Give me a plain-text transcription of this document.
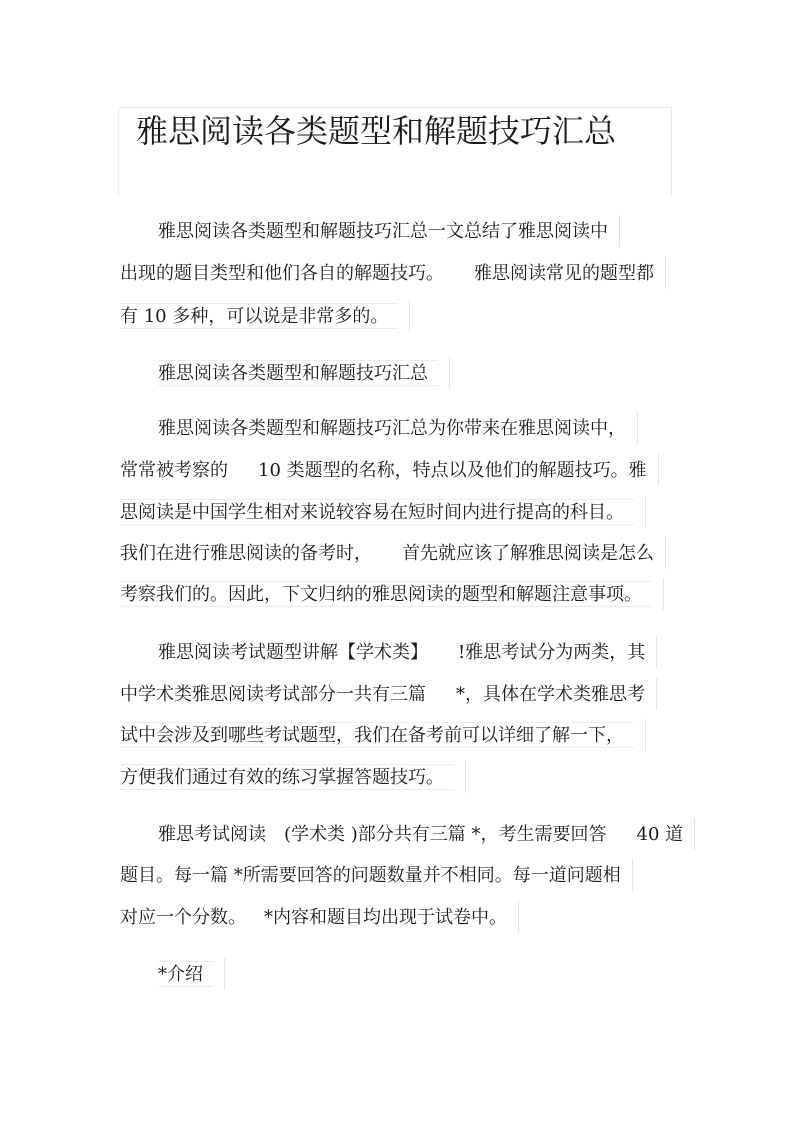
雅思阅读各类题型和解题技巧汇总
雅思阅读各类题型和解题技巧汇总一文总结了雅思阅读中
出现的题目类型和他们各自的解题技巧。 雅思阅读常见的题型都
有 10 多种，可以说是非常多的。
雅思阅读各类题型和解题技巧汇总
雅思阅读各类题型和解题技巧汇总为你带来在雅思阅读中，
常常被考察的 10 类题型的名称，特点以及他们的解题技巧。雅
思阅读是中国学生相对来说较容易在短时间内进行提高的科目。
我们在进行雅思阅读的备考时， 首先就应该了解雅思阅读是怎么
考察我们的。因此，下文归纳的雅思阅读的题型和解题注意事项。
雅思阅读考试题型讲解【学术类】 !雅思考试分为两类，其
中学术类雅思阅读考试部分一共有三篇 *，具体在学术类雅思考
试中会涉及到哪些考试题型，我们在备考前可以详细了解一下，
方便我们通过有效的练习掌握答题技巧。
雅思考试阅读 (学术类 )部分共有三篇 *，考生需要回答 40 道
题目。每一篇 *所需要回答的问题数量并不相同。每一道问题相
对应一个分数。 *内容和题目均出现于试卷中。
*介绍
